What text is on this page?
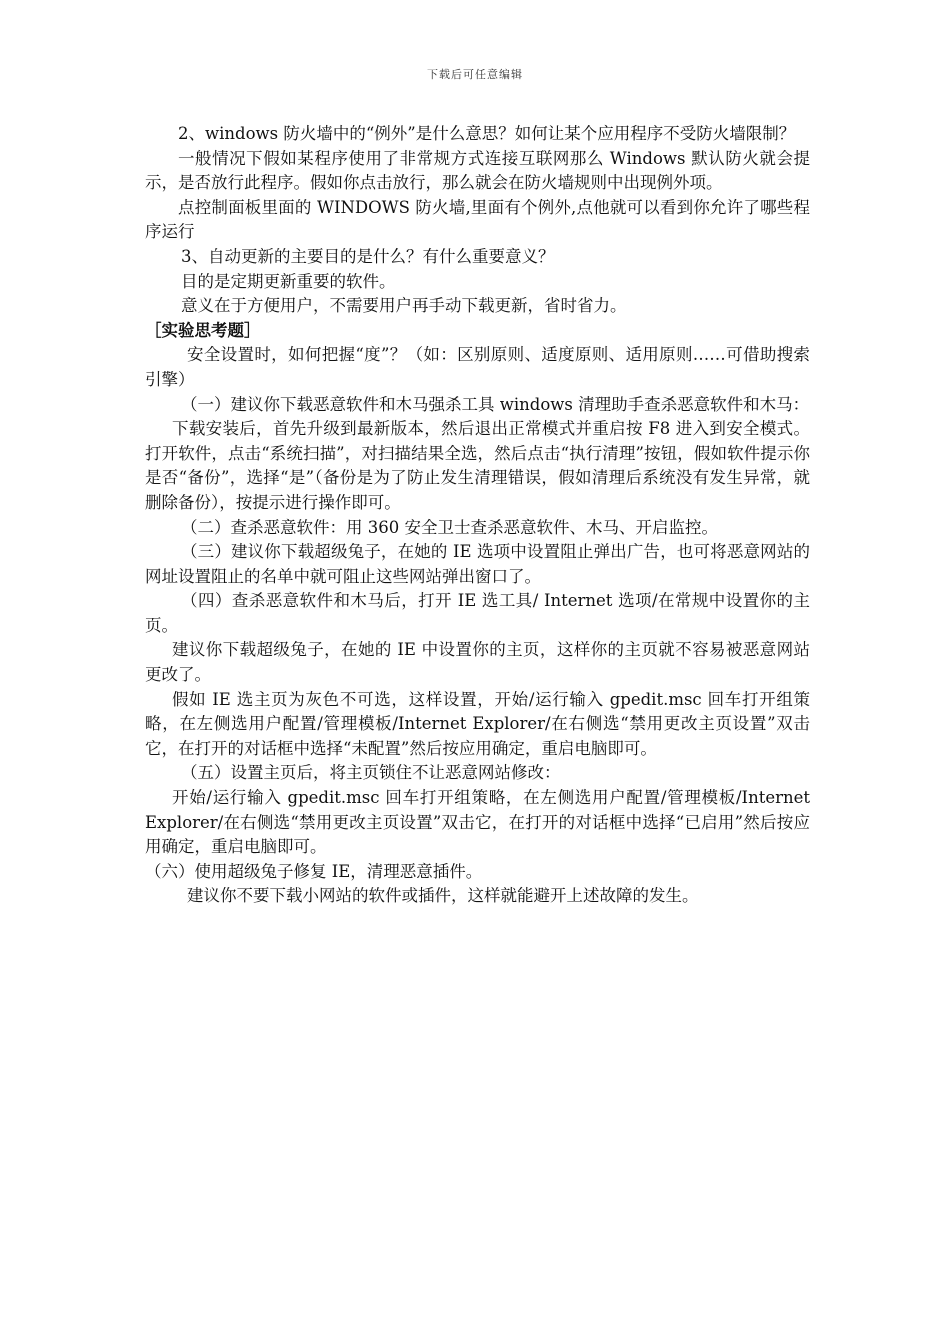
下载后可任意编辑

2、windows 防火墙中的“例外”是什么意思？如何让某个应用程序不受防火墙限制？

一般情况下假如某程序使用了非常规方式连接互联网那么 Windows 默认防火就会提示，是否放行此程序。假如你点击放行，那么就会在防火墙规则中出现例外项。

点控制面板里面的 WINDOWS 防火墙,里面有个例外,点他就可以看到你允许了哪些程序运行

3、自动更新的主要目的是什么？有什么重要意义？

目的是定期更新重要的软件。

意义在于方便用户，不需要用户再手动下载更新，省时省力。

［实验思考题］

安全设置时，如何把握“度”？（如：区别原则、适度原则、适用原则……可借助搜索引擎）

（一）建议你下载恶意软件和木马强杀工具 windows 清理助手查杀恶意软件和木马：

下载安装后，首先升级到最新版本，然后退出正常模式并重启按 F8 进入到安全模式。打开软件，点击“系统扫描”，对扫描结果全选，然后点击“执行清理”按钮，假如软件提示你是否“备份”，选择“是”（备份是为了防止发生清理错误，假如清理后系统没有发生异常，就删除备份），按提示进行操作即可。

（二）查杀恶意软件：用 360 安全卫士查杀恶意软件、木马、开启监控。

（三）建议你下载超级兔子，在她的 IE 选项中设置阻止弹出广告，也可将恶意网站的网址设置阻止的名单中就可阻止这些网站弹出窗口了。

（四）查杀恶意软件和木马后，打开 IE 选工具/ Internet 选项/在常规中设置你的主页。

建议你下载超级兔子，在她的 IE 中设置你的主页，这样你的主页就不容易被恶意网站更改了。

假如 IE 选主页为灰色不可选，这样设置，开始/运行输入 gpedit.msc 回车打开组策略，在左侧选用户配置/管理模板/Internet Explorer/在右侧选“禁用更改主页设置”双击它，在打开的对话框中选择“未配置”然后按应用确定，重启电脑即可。

（五）设置主页后，将主页锁住不让恶意网站修改：

开始/运行输入 gpedit.msc 回车打开组策略，在左侧选用户配置/管理模板/Internet Explorer/在右侧选“禁用更改主页设置”双击它，在打开的对话框中选择“已启用”然后按应用确定，重启电脑即可。

（六）使用超级兔子修复 IE，清理恶意插件。

建议你不要下载小网站的软件或插件，这样就能避开上述故障的发生。
